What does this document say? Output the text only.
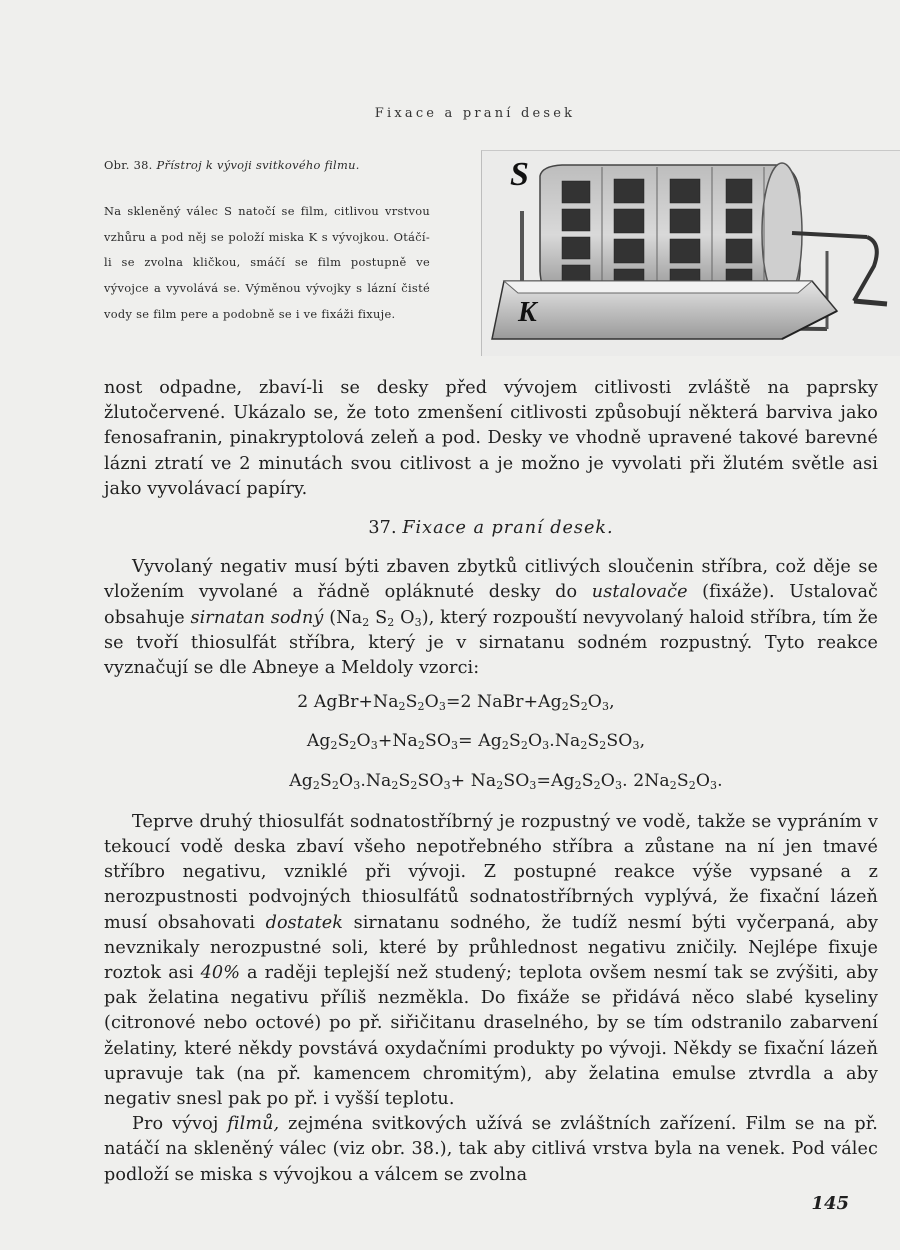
Fixace a praní desek
Obr. 38. Přístroj k vývoji svitkového filmu.
Na skleněný válec S natočí se film, citlivou vrstvou vzhůru a pod něj se položí miska K s vývojkou. Otáčí-li se zvolna kličkou, smáčí se film postupně ve vývojce a vyvolává se. Výměnou vývojky s lázní čisté vody se film pere a podobně se i ve fixáži fixuje.
S
K

nost odpadne, zbaví-li se desky před vývojem citlivosti zvláště na paprsky žlutočervené. Ukázalo se, že toto zmenšení citlivosti způsobují některá barviva jako fenosafranin, pinakryptolová zeleň a pod. Desky ve vhodně upravené takové barevné lázni ztratí ve 2 minutách svou citlivost a je možno je vyvolati při žlutém světle asi jako vyvolávací papíry.

37. Fixace a praní desek.

Vyvolaný negativ musí býti zbaven zbytků citlivých sloučenin stříbra, což děje se vložením vyvolané a řádně opláknuté desky do ustalovače (fixáže). Ustalovač obsahuje sirnatan sodný ($Na_2$ $S_2$ $O_3$), který rozpouští nevyvolaný haloid stříbra, tím že se tvoří thiosulfát stříbra, který je v sirnatanu sodném rozpustný. Tyto reakce vyznačují se dle Abneye a Meldoly vzorci:

2 $AgBr+Na_2S_2O_3=2$ $NaBr+Ag_2S_2O_3$,

$Ag_2S_2O_3+Na_2SO_3= Ag_2S_2O_3.Na_2S_2SO_3$,

$Ag_2S_2O_3.Na_2S_2SO_3+ Na_2SO_3=Ag_2S_2O_3$. $2Na_2S_2O_3$.

Teprve druhý thiosulfát sodnatostříbrný je rozpustný ve vodě, takže se vypráním v tekoucí vodě deska zbaví všeho nepotřebného stříbra a zůstane na ní jen tmavé stříbro negativu, vzniklé při vývoji. Z postupné reakce výše vypsané a z nerozpustnosti podvojných thiosulfátů sodnatostříbrných vyplývá, že fixační lázeň musí obsahovati dostatek sirnatanu sodného, že tudíž nesmí býti vyčerpaná, aby nevznikaly nerozpustné soli, které by průhlednost negativu zničily. Nejlépe fixuje roztok asi 40% a raději teplejší než studený; teplota ovšem nesmí tak se zvýšiti, aby pak želatina negativu příliš nezměkla. Do fixáže se přidává něco slabé kyseliny (citronové nebo octové) po př. siřičitanu draselného, by se tím odstranilo zabarvení želatiny, které někdy povstává oxydačními produkty po vývoji. Někdy se fixační lázeň upravuje tak (na př. kamencem chromitým), aby želatina emulse ztvrdla a aby negativ snesl pak po př. i vyšší teplotu.

Pro vývoj filmů, zejména svitkových užívá se zvláštních zařízení. Film se na př. natáčí na skleněný válec (viz obr. 38.), tak aby citlivá vrstva byla na venek. Pod válec podloží se miska s vývojkou a válcem se zvolna

145
